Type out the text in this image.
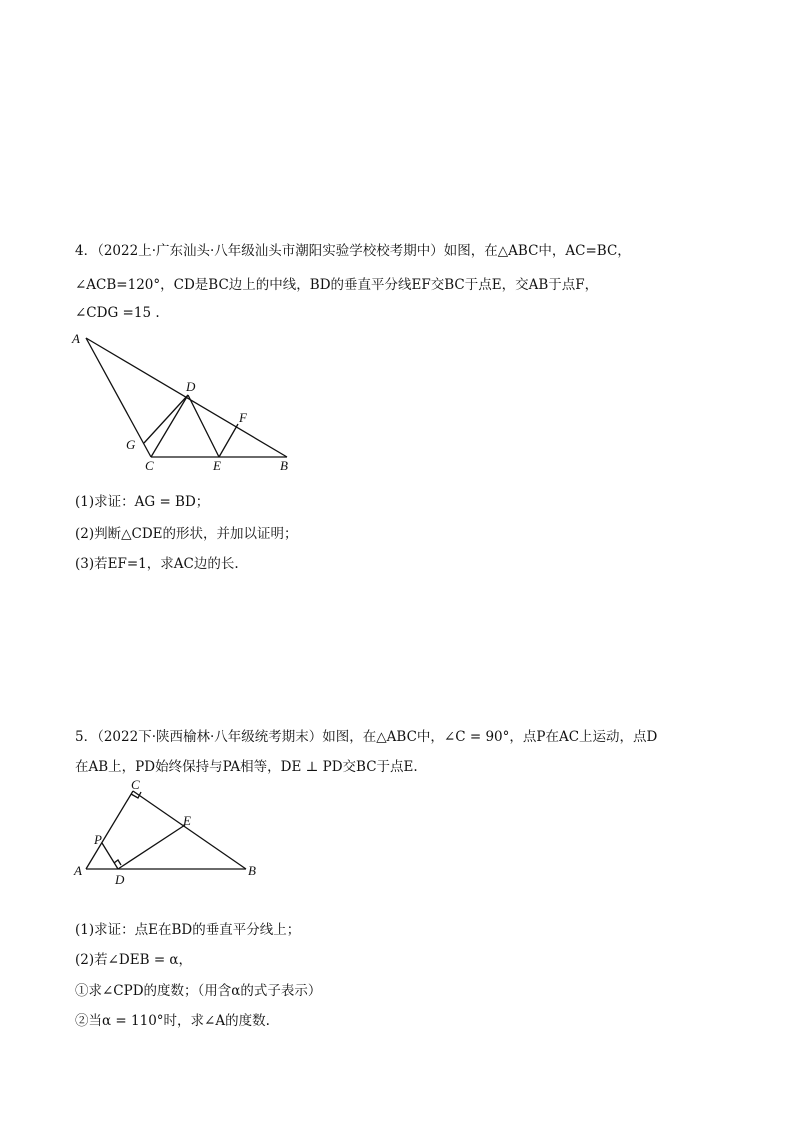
4．（2022上·广东汕头·八年级汕头市潮阳实验学校校考期中）如图，在△ABC中，AC=BC，
∠ACB=120°，CD是BC边上的中线，BD的垂直平分线EF交BC于点E，交AB于点F，
∠CDG =15 .
A
D
F
G
C	E	B
(1)求证：AG = BD；
(2)判断△CDE的形状，并加以证明；
(3)若EF=1，求AC边的长.
5．（2022下·陕西榆林·八年级统考期末）如图，在△ABC中，∠C = 90°，点P在AC上运动，点D
在AB上，PD始终保持与PA相等，DE ⊥ PD交BC于点E.
C
E
P
A
D
B
(1)求证：点E在BD的垂直平分线上；
(2)若∠DEB = α，
①求∠CPD的度数；（用含α的式子表示）
②当α = 110°时，求∠A的度数.
